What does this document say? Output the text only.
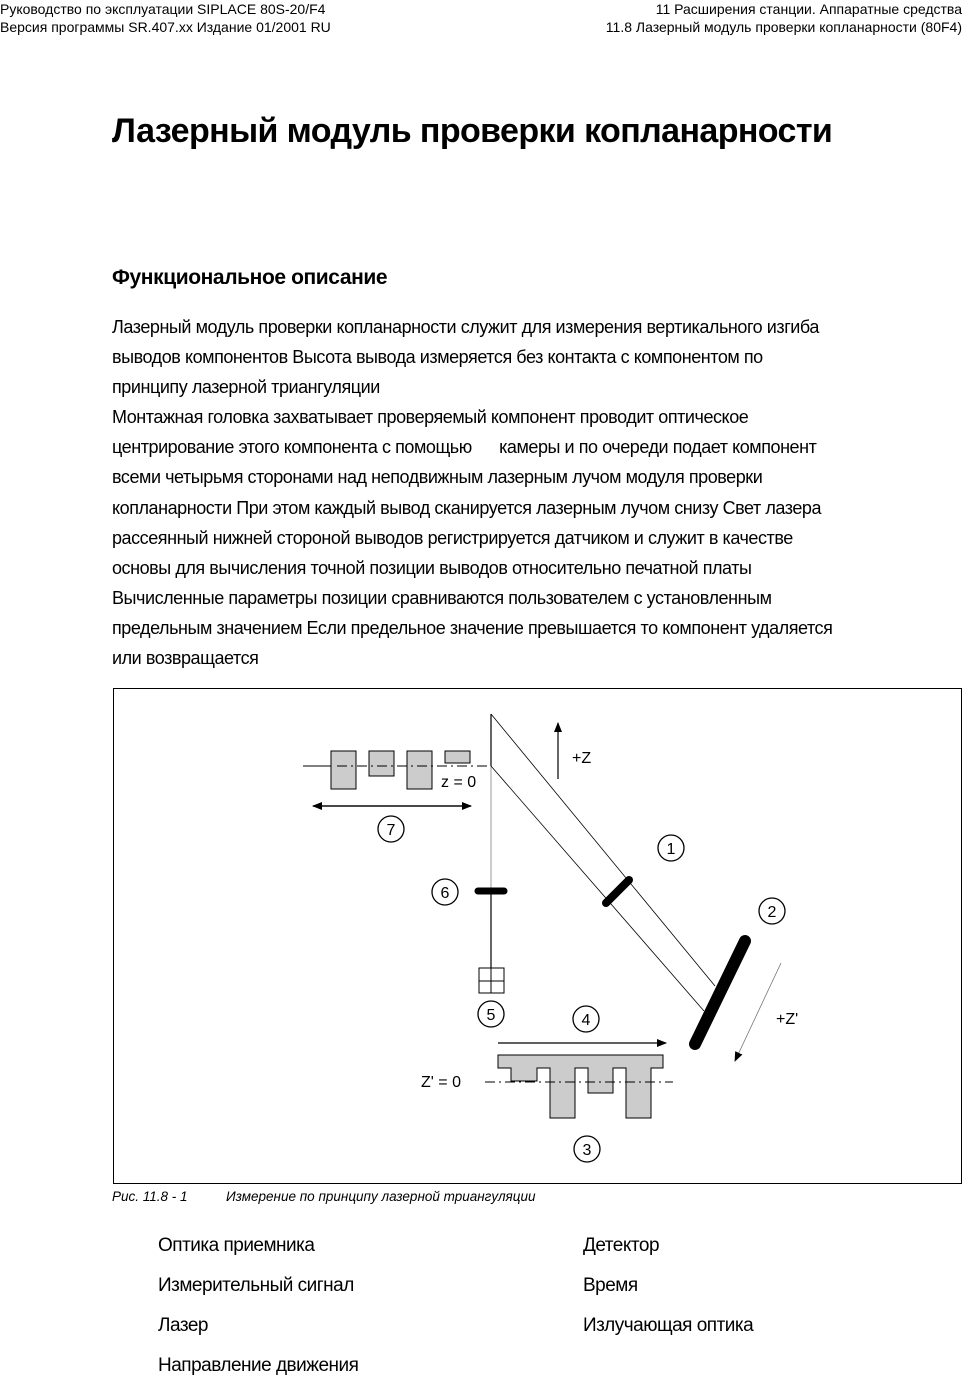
Руководство по эксплуатации SIPLACE 80S-20/F4
Версия программы SR.407.xx Издание 01/2001 RU
11 Расширения станции. Аппаратные средства
11.8 Лазерный модуль проверки копланарности (80F4)
Лазерный модуль проверки копланарности
Функциональное описание
Лазерный модуль проверки копланарности служит для измерения вертикального изгиба
выводов компонентов Высота вывода измеряется без контакта с компонентом по
принципу лазерной триангуляции
Монтажная головка захватывает проверяемый компонент проводит оптическое
центрирование этого компонента с помощью      камеры и по очереди подает компонент
всеми четырьмя сторонами над неподвижным лазерным лучом модуля проверки
копланарности При этом каждый вывод сканируется лазерным лучом снизу Свет лазера
рассеянный нижней стороной выводов регистрируется датчиком и служит в качестве
основы для вычисления точной позиции выводов относительно печатной платы
Вычисленные параметры позиции сравниваются пользователем с установленным
предельным значением Если предельное значение превышается то компонент удаляется
или возвращается
z = 0
+Z
+Z'
Z' = 0
1
2
3
4
5
6
7
Рис. 11.8 - 1	Измерение по принципу лазерной триангуляции
Оптика приемника	Детектор
Измерительный сигнал	Время
Лазер	Излучающая оптика
Направление движения
